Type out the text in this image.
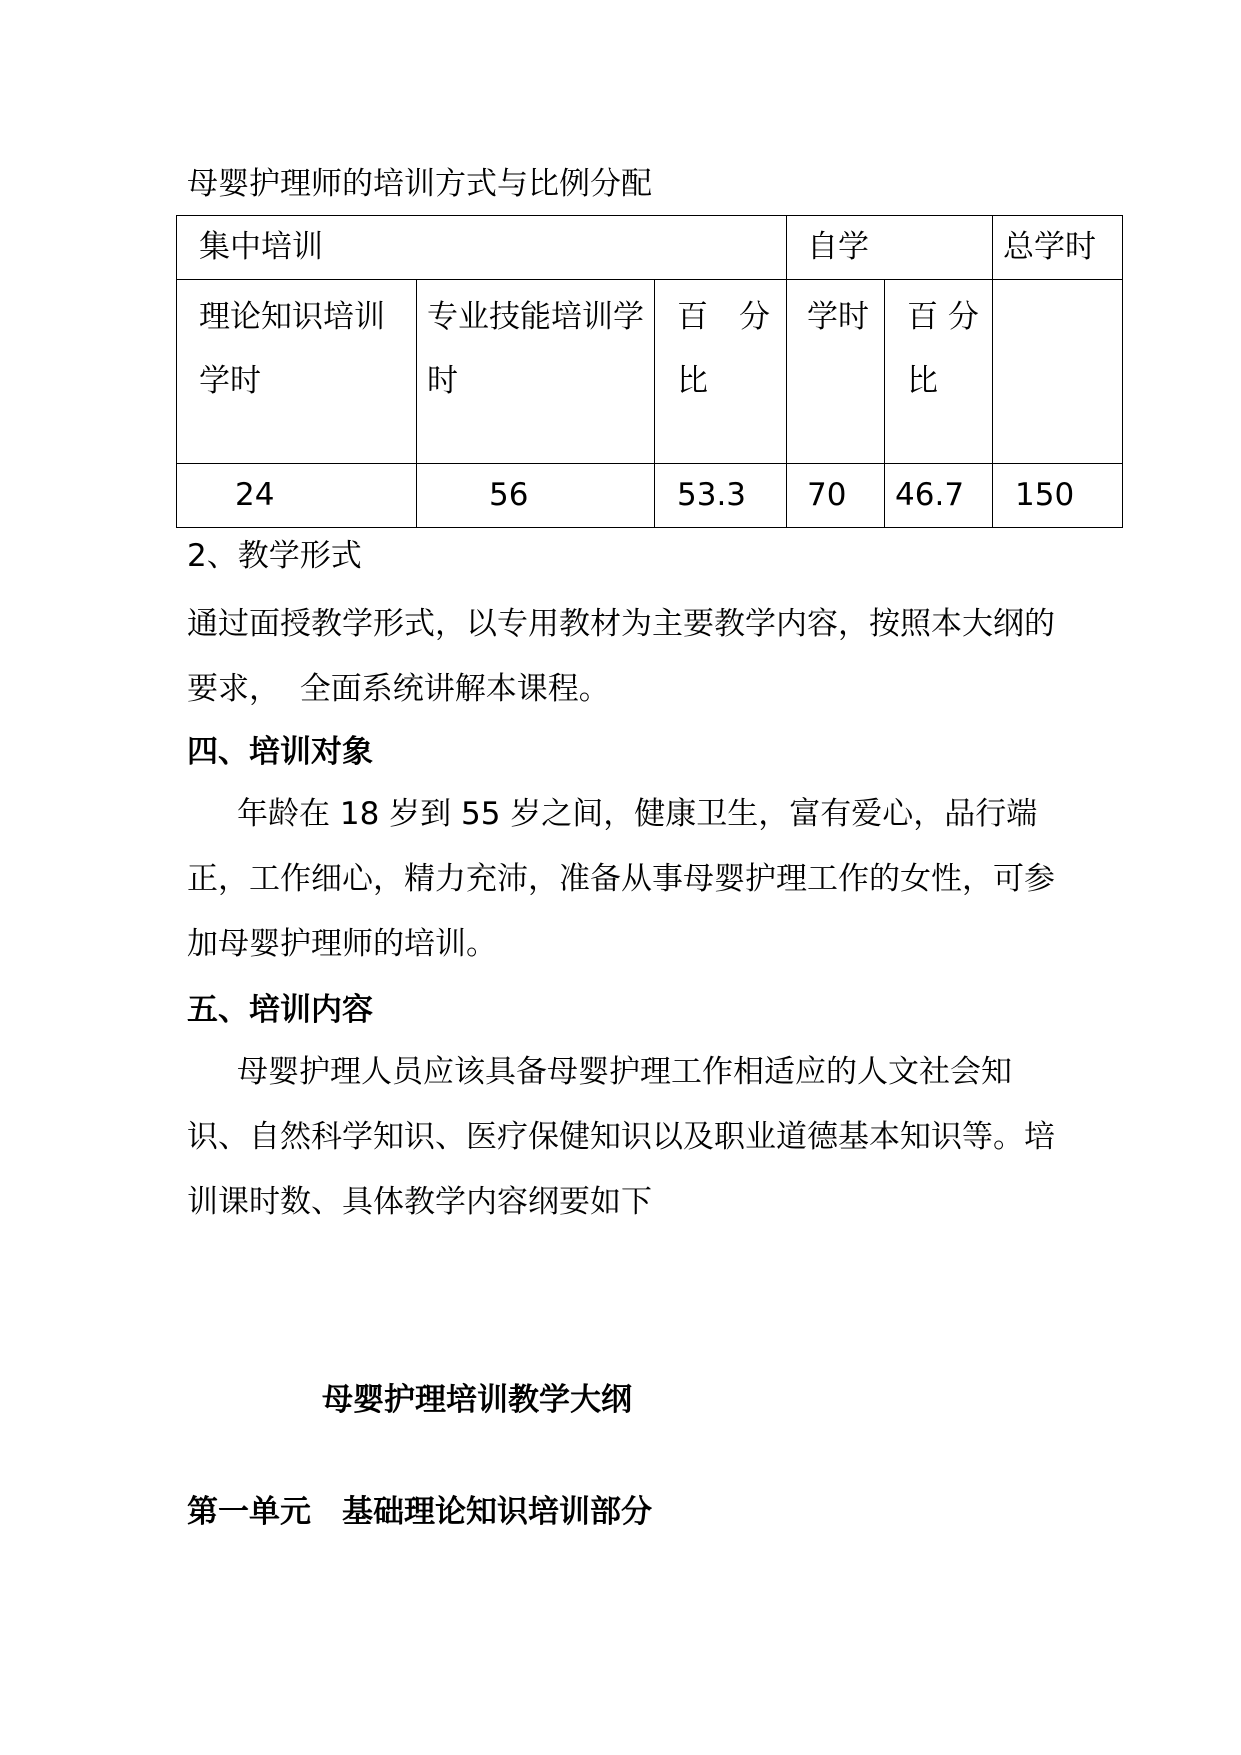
母婴护理师的培训方式与比例分配
集中培训			自学		总学时
理论知识培训学时	专业技能培训学时	百　分比	学时	百 分比	
24	56	53.3	70	46.7	150
2、教学形式
通过面授教学形式，以专用教材为主要教学内容，按照本大纲的要求，  全面系统讲解本课程。
四、培训对象
年龄在 18 岁到 55 岁之间，健康卫生，富有爱心，品行端正，工作细心，精力充沛，准备从事母婴护理工作的女性，可参加母婴护理师的培训。
五、培训内容
母婴护理人员应该具备母婴护理工作相适应的人文社会知识、自然科学知识、医疗保健知识以及职业道德基本知识等。培训课时数、具体教学内容纲要如下
母婴护理培训教学大纲
第一单元　基础理论知识培训部分
